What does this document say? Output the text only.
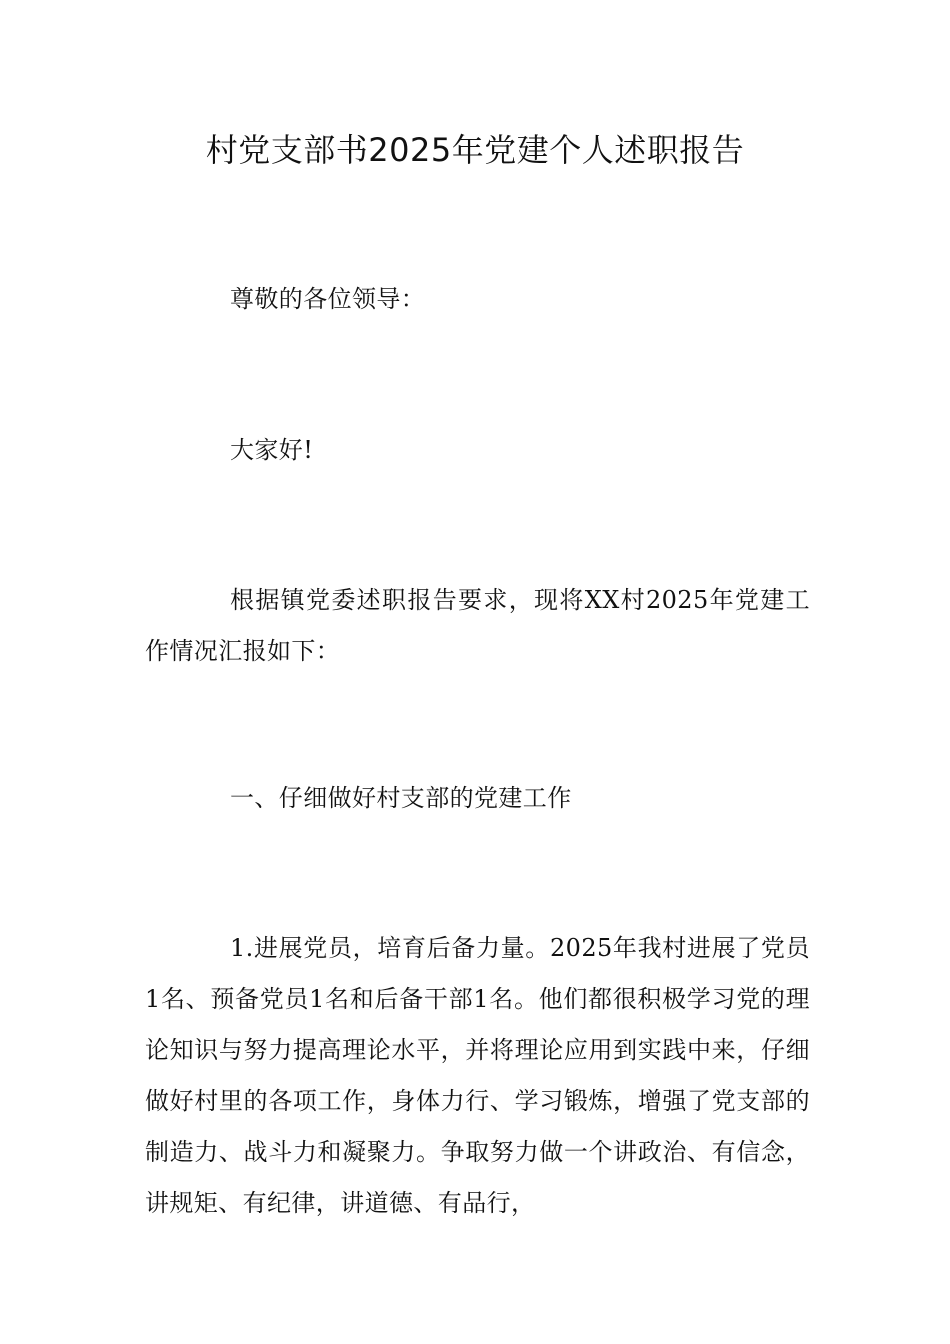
村党支部书2025年党建个人述职报告

尊敬的各位领导：

大家好!

根据镇党委述职报告要求，现将XX村2025年党建工作情况汇报如下：

一、仔细做好村支部的党建工作

1.进展党员，培育后备力量。2025年我村进展了党员1名、预备党员1名和后备干部1名。他们都很积极学习党的理论知识与努力提高理论水平，并将理论应用到实践中来，仔细做好村里的各项工作，身体力行、学习锻炼，增强了党支部的制造力、战斗力和凝聚力。争取努力做一个讲政治、有信念，讲规矩、有纪律，讲道德、有品行，
